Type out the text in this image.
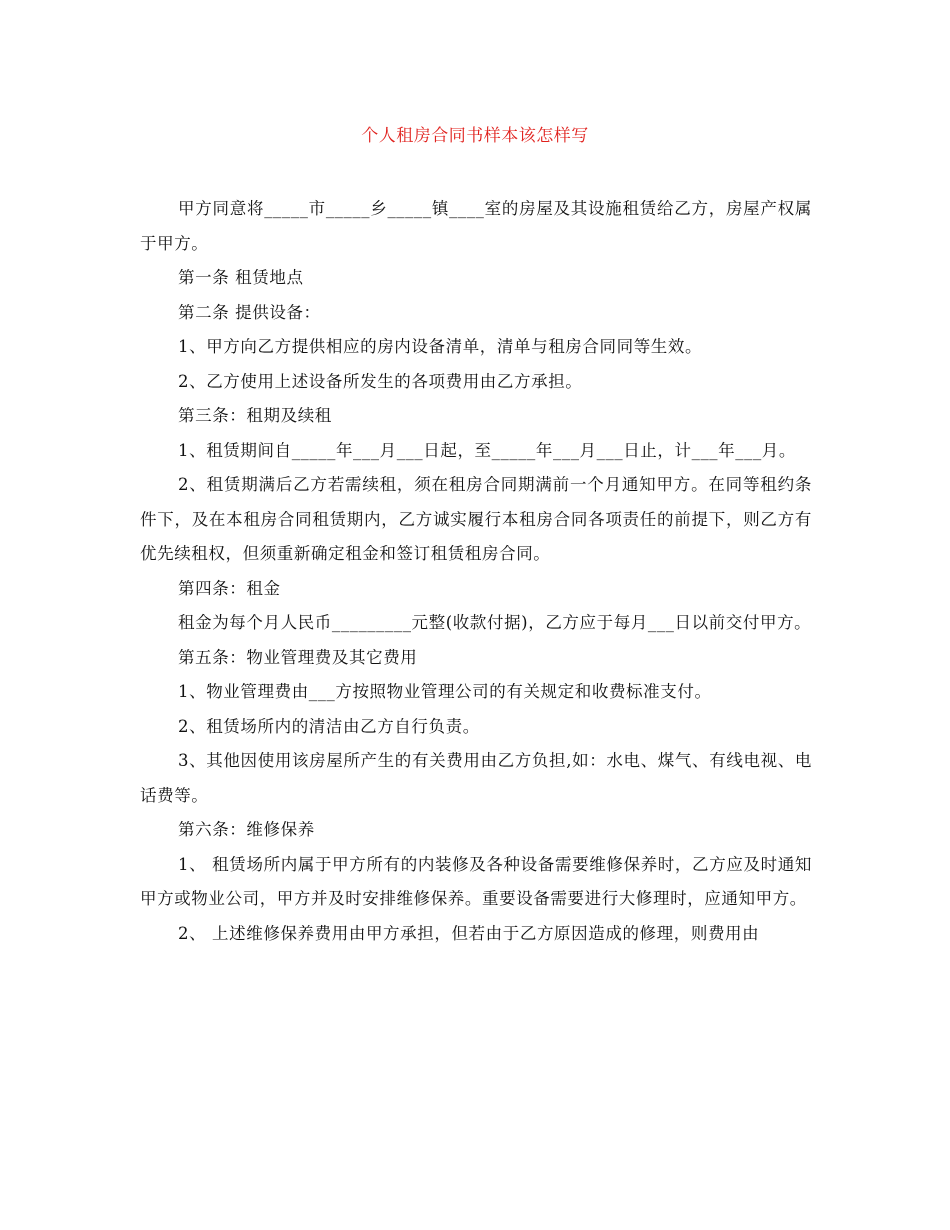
个人租房合同书样本该怎样写

甲方同意将_____市_____乡_____镇____室的房屋及其设施租赁给乙方，房屋产权属于甲方。

第一条 租赁地点

第二条 提供设备：

1、甲方向乙方提供相应的房内设备清单，清单与租房合同同等生效。

2、乙方使用上述设备所发生的各项费用由乙方承担。

第三条：租期及续租

1、租赁期间自_____年___月___日起，至_____年___月___日止，计___年___月。

2、租赁期满后乙方若需续租，须在租房合同期满前一个月通知甲方。在同等租约条件下，及在本租房合同租赁期内，乙方诚实履行本租房合同各项责任的前提下，则乙方有优先续租权，但须重新确定租金和签订租赁租房合同。

第四条：租金

租金为每个月人民币_________元整(收款付据)，乙方应于每月___日以前交付甲方。

第五条：物业管理费及其它费用

1、物业管理费由___方按照物业管理公司的有关规定和收费标准支付。

2、租赁场所内的清洁由乙方自行负责。

3、其他因使用该房屋所产生的有关费用由乙方负担,如：水电、煤气、有线电视、电话费等。

第六条：维修保养

1、 租赁场所内属于甲方所有的内装修及各种设备需要维修保养时，乙方应及时通知甲方或物业公司，甲方并及时安排维修保养。重要设备需要进行大修理时，应通知甲方。

2、 上述维修保养费用由甲方承担，但若由于乙方原因造成的修理，则费用由
